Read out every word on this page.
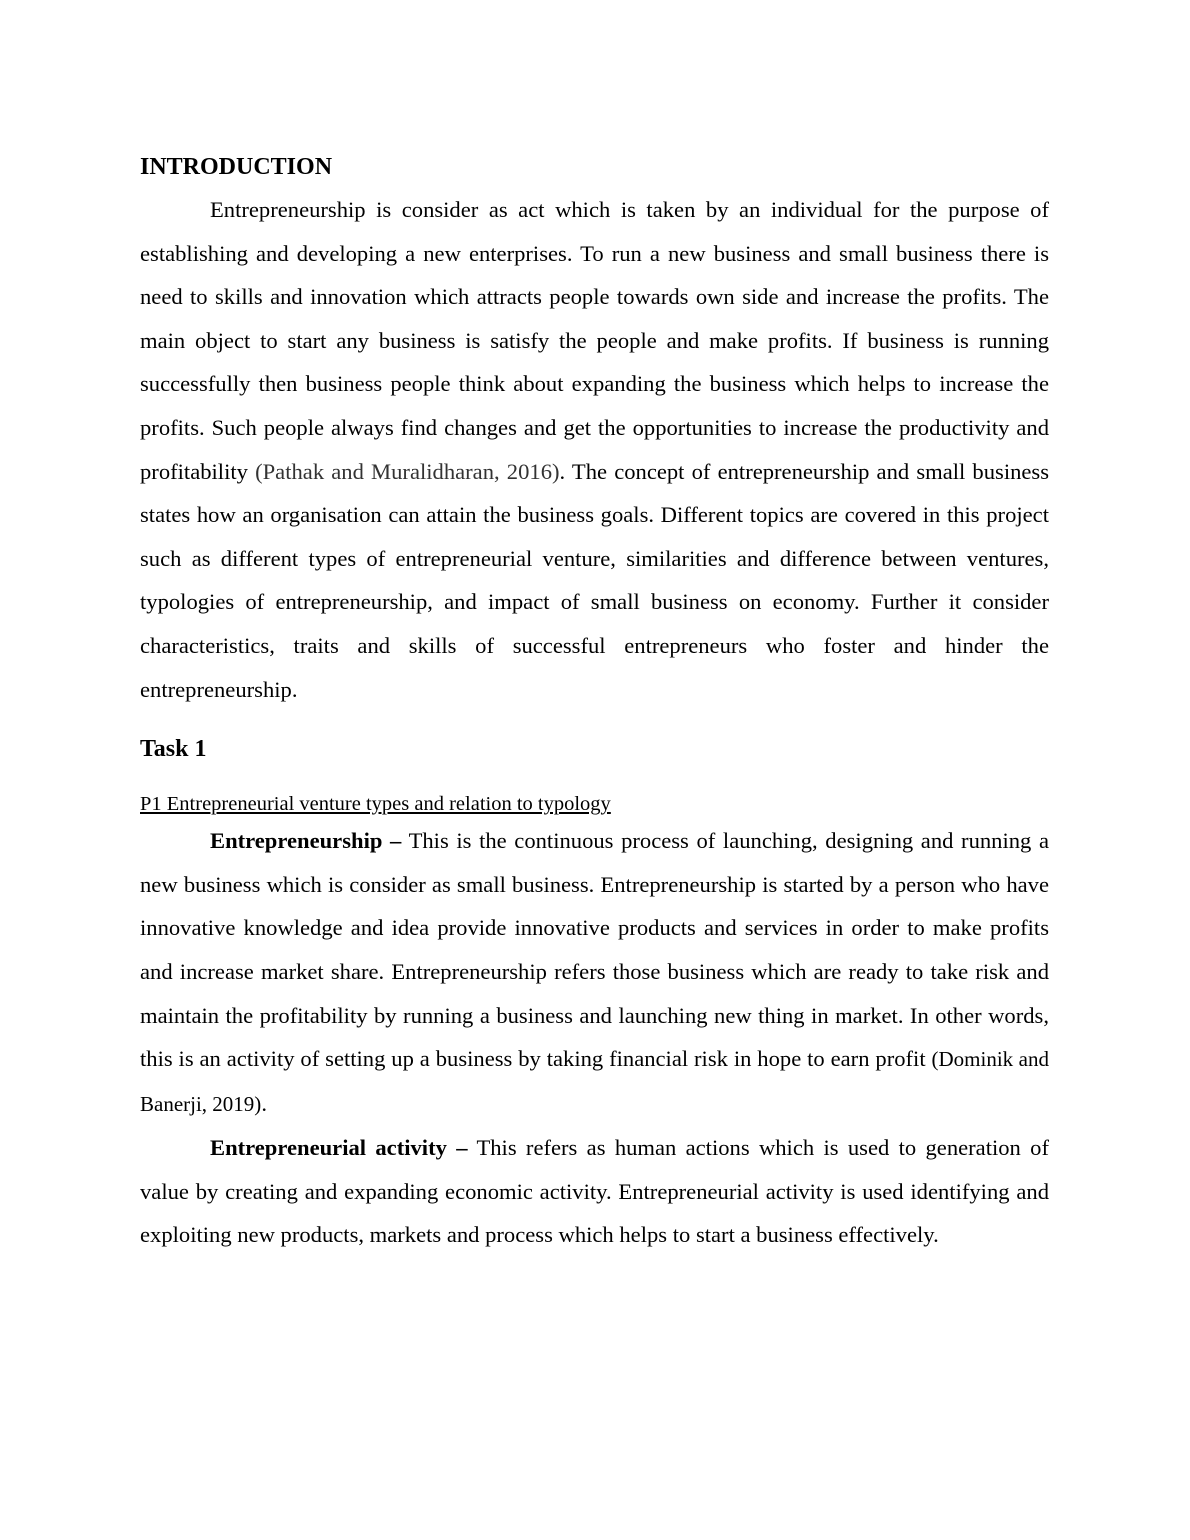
INTRODUCTION

Entrepreneurship is consider as act which is taken by an individual for the purpose of establishing and developing a new enterprises. To run a new business and small business there is need to skills and innovation which attracts people towards own side and increase the profits. The main object to start any business is satisfy the people and make profits. If business is running successfully then business people think about expanding the business which helps to increase the profits. Such people always find changes and get the opportunities to increase the productivity and profitability (Pathak and Muralidharan, 2016). The concept of entrepreneurship and small business states how an organisation can attain the business goals. Different topics are covered in this project such as different types of entrepreneurial venture, similarities and difference between ventures, typologies of entrepreneurship, and impact of small business on economy. Further it consider characteristics, traits and skills of successful entrepreneurs who foster and hinder the entrepreneurship.

Task 1
P1 Entrepreneurial venture types and relation to typology

Entrepreneurship – This is the continuous process of launching, designing and running a new business which is consider as small business. Entrepreneurship is started by a person who have innovative knowledge and idea provide innovative products and services in order to make profits and increase market share. Entrepreneurship refers those business which are ready to take risk and maintain the profitability by running a business and launching new thing in market. In other words, this is an activity of setting up a business by taking financial risk in hope to earn profit (Dominik and Banerji, 2019).

Entrepreneurial activity – This refers as human actions which is used to generation of value by creating and expanding economic activity. Entrepreneurial activity is used identifying and exploiting new products, markets and process which helps to start a business effectively.
